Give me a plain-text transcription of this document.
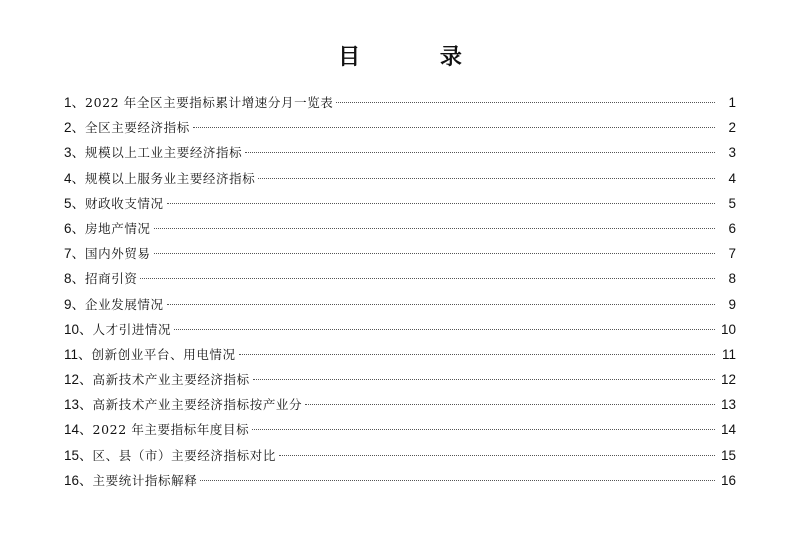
目 录
1、 2022 年全区主要指标累计增速分月一览表	1
2、 全区主要经济指标	2
3、 规模以上工业主要经济指标	3
4、 规模以上服务业主要经济指标	4
5、 财政收支情况	5
6、 房地产情况	6
7、 国内外贸易	7
8、 招商引资	8
9、 企业发展情况	9
10、 人才引进情况	10
11、 创新创业平台、用电情况	11
12、 高新技术产业主要经济指标	12
13、 高新技术产业主要经济指标按产业分	13
14、 2022 年主要指标年度目标	14
15、 区、县（市）主要经济指标对比	15
16、 主要统计指标解释	16
